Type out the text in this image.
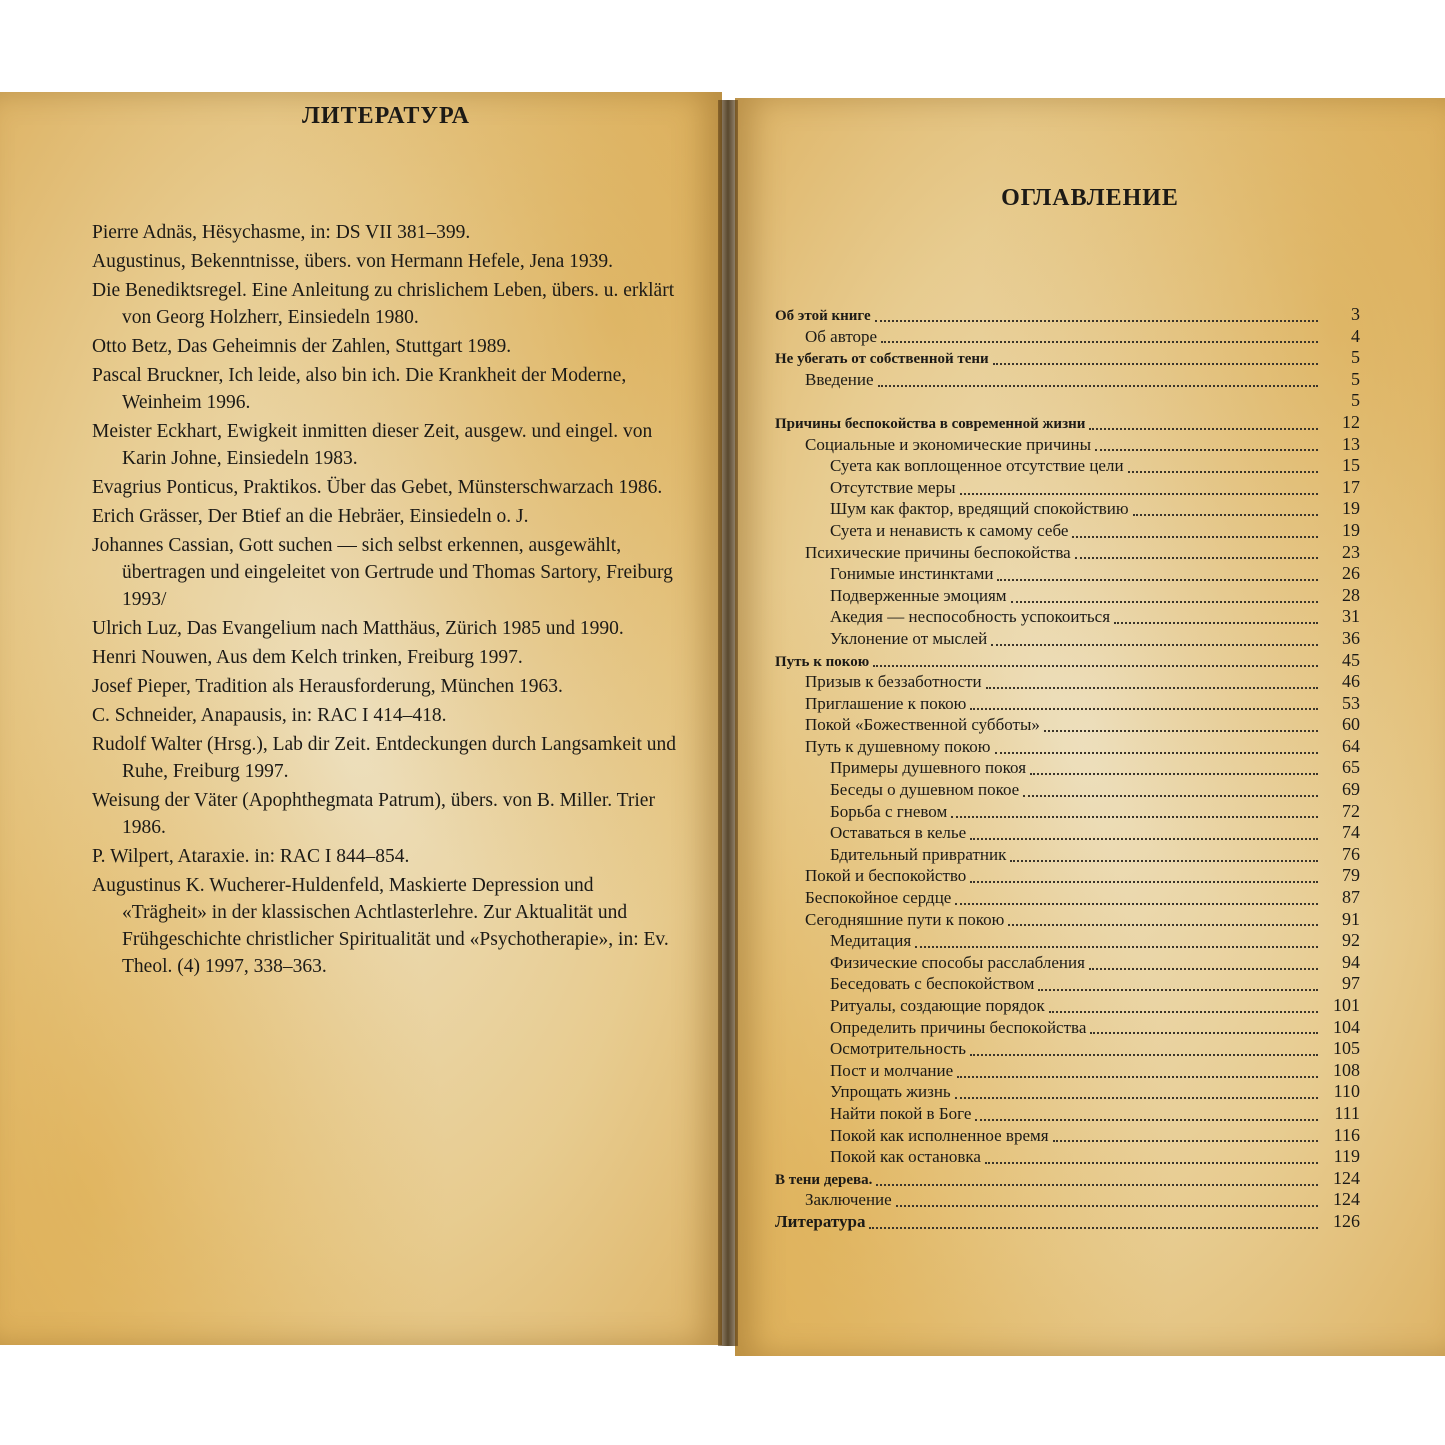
ЛИТЕРАТУРА
Pierre Adnäs, Hësychasme, in: DS VII 381–399.
Augustinus, Bekenntnisse, übers. von Hermann Hefele, Jena 1939.
Die Benediktsregel. Eine Anleitung zu chrislichem Leben, übers. u. erklärt von Georg Holzherr, Einsiedeln 1980.
Otto Betz, Das Geheimnis der Zahlen, Stuttgart 1989.
Pascal Bruckner, Ich leide, also bin ich. Die Krankheit der Moderne, Weinheim 1996.
Meister Eckhart, Ewigkeit inmitten dieser Zeit, ausgew. und eingel. von Karin Johne, Einsiedeln 1983.
Evagrius Ponticus, Praktikos. Über das Gebet, Münsterschwarzach 1986.
Erich Grässer, Der Btief an die Hebräer, Einsiedeln o. J.
Johannes Cassian, Gott suchen — sich selbst erkennen, ausgewählt, übertragen und eingeleitet von Gertrude und Thomas Sartory, Freiburg 1993/
Ulrich Luz, Das Evangelium nach Matthäus, Zürich 1985 und 1990.
Henri Nouwen, Aus dem Kelch trinken, Freiburg 1997.
Josef Pieper, Tradition als Herausforderung, München 1963.
C. Schneider, Anapausis, in: RAC I 414–418.
Rudolf Walter (Hrsg.), Lab dir Zeit. Entdeckungen durch Langsamkeit und Ruhe, Freiburg 1997.
Weisung der Väter (Apophthegmata Patrum), übers. von B. Miller. Trier 1986.
P. Wilpert, Ataraxie. in: RAC I 844–854.
Augustinus K. Wucherer-Huldenfeld, Maskierte Depression und «Trägheit» in der klassischen Achtlasterlehre. Zur Aktualität und Frühgeschichte christlicher Spiritualität und «Psychotherapie», in: Ev. Theol. (4) 1997, 338–363.
ОГЛАВЛЕНИЕ
Об этой книге	3
Об авторе	4
Не убегать от собственной тени	5
Введение	5
5
Причины беспокойства в современной жизни	12
Социальные и экономические причины	13
Суета как воплощенное отсутствие цели	15
Отсутствие меры	17
Шум как фактор, вредящий спокойствию	19
Суета и ненависть к самому себе	19
Психические причины беспокойства	23
Гонимые инстинктами	26
Подверженные эмоциям	28
Акедия — неспособность успокоиться	31
Уклонение от мыслей	36
Путь к покою	45
Призыв к беззаботности	46
Приглашение к покою	53
Покой «Божественной субботы»	60
Путь к душевному покою	64
Примеры душевного покоя	65
Беседы о душевном покое	69
Борьба с гневом	72
Оставаться в келье	74
Бдительный привратник	76
Покой и беспокойство	79
Беспокойное сердце	87
Сегодняшние пути к покою	91
Медитация	92
Физические способы расслабления	94
Беседовать с беспокойством	97
Ритуалы, создающие порядок	101
Определить причины беспокойства	104
Осмотрительность	105
Пост и молчание	108
Упрощать жизнь	110
Найти покой в Боге	111
Покой как исполненное время	116
Покой как остановка	119
В тени дерева.	124
Заключение	124
Литература	126
